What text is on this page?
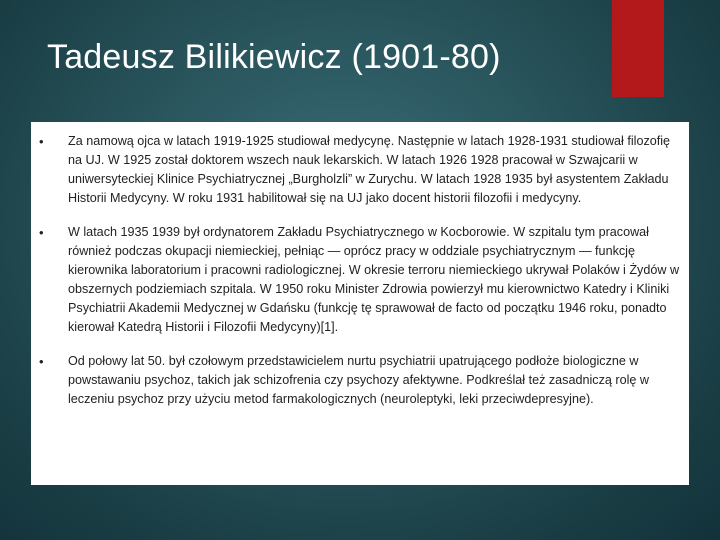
Tadeusz Bilikiewicz (1901-80)
•	Za namową ojca w latach 1919-1925 studiował medycynę. Następnie w latach 1928-1931 studiował filozofię na UJ. W 1925 został doktorem wszech nauk lekarskich. W latach 1926 1928 pracował w Szwajcarii w uniwersyteckiej Klinice Psychiatrycznej „Burgholzli” w Zurychu. W latach 1928 1935 był asystentem Zakładu Historii Medycyny. W roku 1931 habilitował się na UJ jako docent historii filozofii i medycyny.
•	W latach 1935 1939 był ordynatorem Zakładu Psychiatrycznego w Kocborowie. W szpitalu tym pracował również podczas okupacji niemieckiej, pełniąc — oprócz pracy w oddziale psychiatrycznym — funkcję kierownika laboratorium i pracowni radiologicznej. W okresie terroru niemieckiego ukrywał Polaków i Żydów w obszernych podziemiach szpitala. W 1950 roku Minister Zdrowia powierzył mu kierownictwo Katedry i Kliniki Psychiatrii Akademii Medycznej w Gdańsku (funkcję tę sprawował de facto od początku 1946 roku, ponadto kierował Katedrą Historii i Filozofii Medycyny)[1].
•	Od połowy lat 50. był czołowym przedstawicielem nurtu psychiatrii upatrującego podłoże biologiczne w powstawaniu psychoz, takich jak schizofrenia czy psychozy afektywne. Podkreślał też zasadniczą rolę w leczeniu psychoz przy użyciu metod farmakologicznych (neuroleptyki, leki przeciwdepresyjne).
